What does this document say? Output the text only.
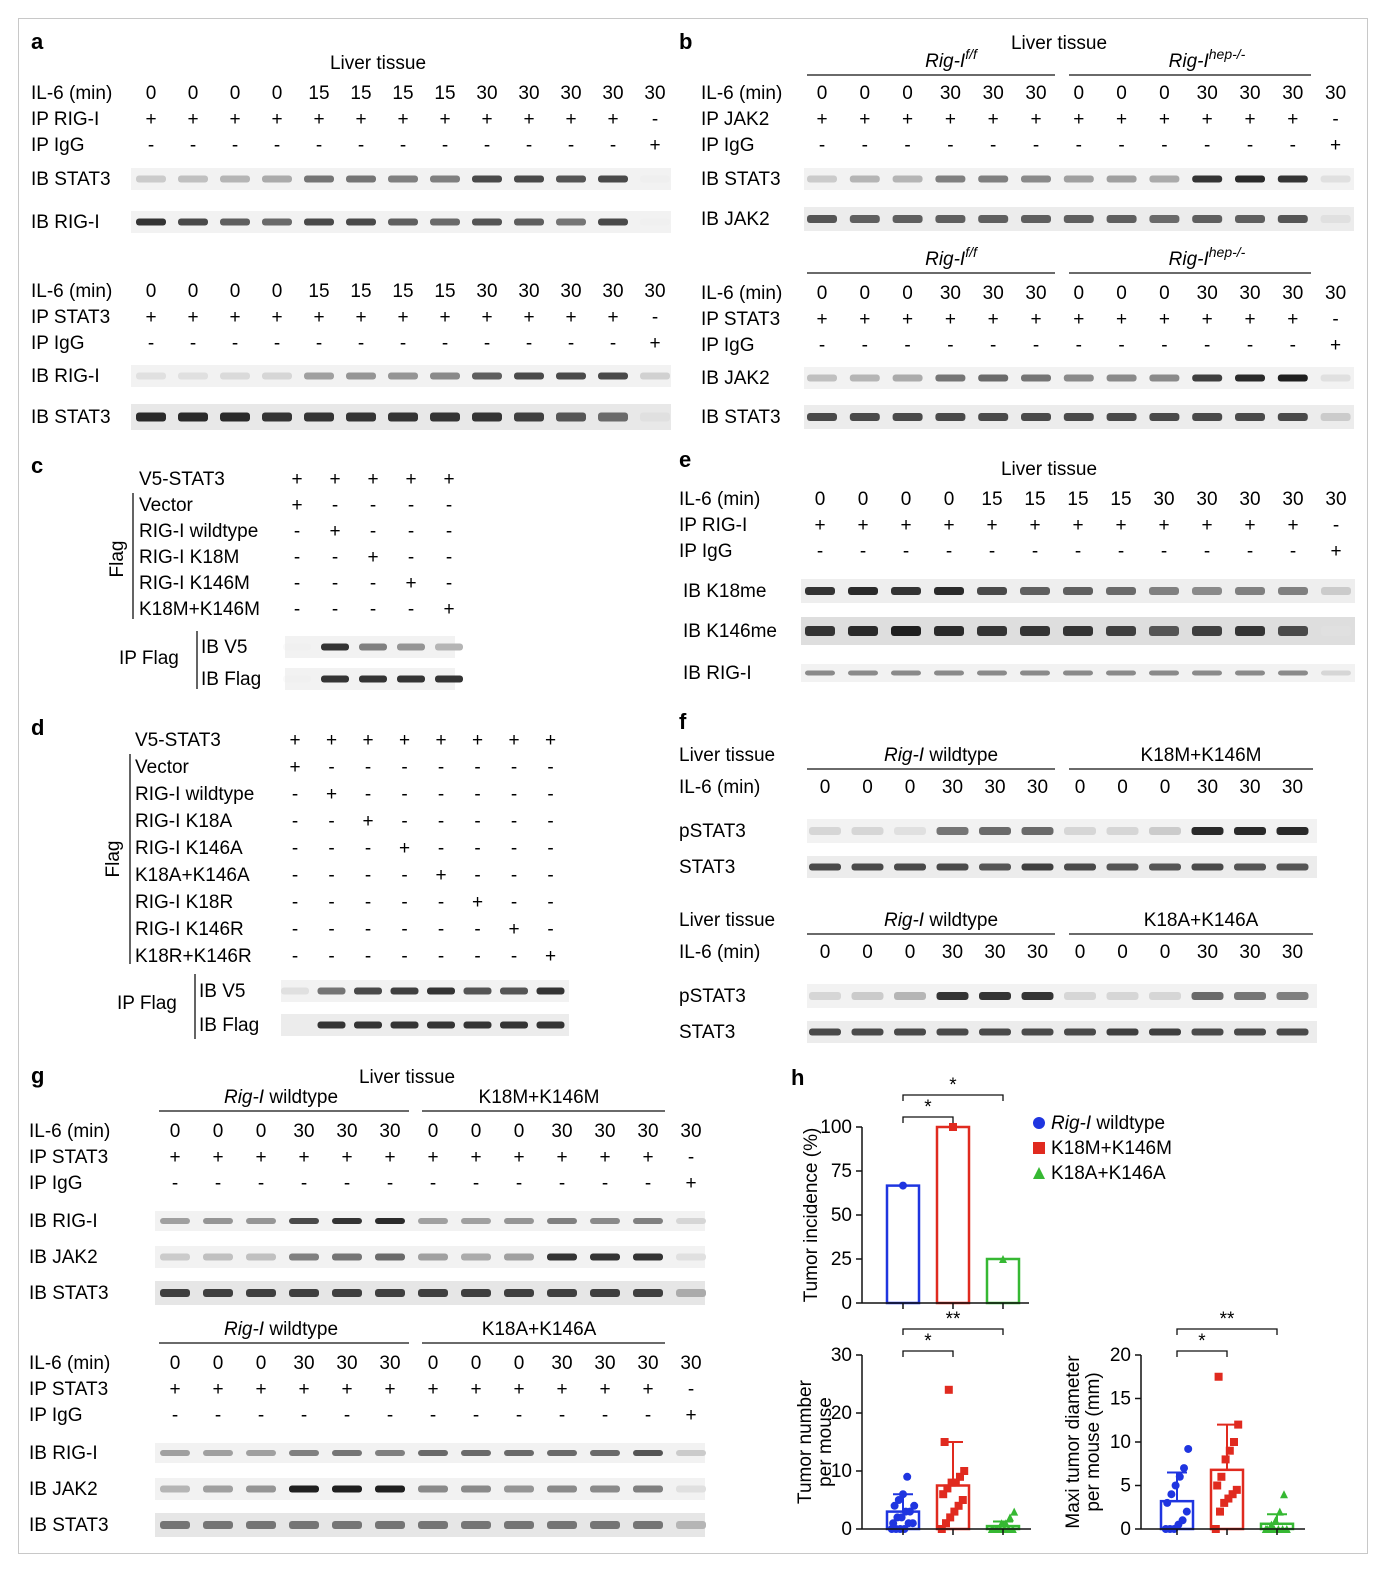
a
Liver tissue
IL-6 (min) 0 0 0 0 15 15 15 15 30 30 30 30 30
IP RIG-I + + + + + + + + + + + + -
IP IgG	- - - - - - - - - - - - +
IB STAT3
IB RIG-I
IL-6 (min) 0 0 0 0 15 15 15 15 30 30 30 30 30
IP STAT3 + + + + + + + + + + + + -
IP IgG	- - - - - - - - - - - - +
IB RIG-I
IB STAT3
b	Liver tissue
Rig-$I^{f/f}$	Rig-$I^{hep-/-}$
IL-6 (min) 0 0 0 30 30 30 0 0 0 30 30 30 30
IP JAK2 + + + + + + + + + + + + -
IP IgG	- - - - - - - - - - - - +
IB STAT3
IB JAK2
Rig-$I^{f/f}$	Rig-$I^{hep-/-}$
IL-6 (min) 0 0 0 30 30 30 0 0 0 30 30 30 30
IP STAT3 + + + + + + + + + + + + -
IP IgG	- - - - - - - - - - - - +
IB JAK2
IB STAT3
c
V5-STAT3	+ + + + +
Vector	+ - - - -
RIG-I wildtype - + - - -
RIG-I K18M	- - + - -
RIG-I K146M - - - + -
K18M+K146M - - - - +
Flag
IP Flag
IB V5
IB Flag
d
V5-STAT3	+ + + + + + + +
Vector	+ - - - - - - -
RIG-I wildtype - + - - - - - -
RIG-I K18A	- - + - - - - -
RIG-I K146A	- - - + - - - -
K18A+K146A - - - - + - - -
RIG-I K18R	- - - - - + - -
RIG-I K146R	- - - - - - + -
K18R+K146R - - - - - - - +
Flag
IP Flag
IB V5
IB Flag
e	Liver tissue
IL-6 (min)	0 0 0 0 15 15 15 15 30 30 30 30 30
IP RIG-I	+ + + + + + + + + + + + -
IP IgG	- - - - - - - - - - - - +
IB K18me
IB K146me
IB RIG-I
f
Liver tissue	Rig-I wildtype	K18M+K146M
IL-6 (min)	0 0 0 30 30 30 0 0 0 30 30 30
pSTAT3
STAT3
Liver tissue	Rig-I wildtype	K18A+K146A
IL-6 (min)	0 0 0 30 30 30 0 0 0 30 30 30
pSTAT3
STAT3
g	Liver tissue
Rig-I wildtype	K18M+K146M
IL-6 (min)	0 0 0 30 30 30 0 0 0 30 30 30 30
IP STAT3	+ + + + + + + + + + + + -
IP IgG	- - - - - - - - - - - - +
IB RIG-I
IB JAK2
IB STAT3
Rig-I wildtype	K18A+K146A
IL-6 (min)	0 0 0 30 30 30 0 0 0 30 30 30 30
IP STAT3	+ + + + + + + + + + + + -
IP IgG	- - - - - - - - - - - - +
IB RIG-I
IB JAK2
IB STAT3
h
0
25
50
75
100
Tumor incidence (%)
*
*
Rig-I wildtype
K18M+K146M
K18A+K146A
0
10
20
30
Tumor number per mouse
*
**
0
5
10
15
20
Maxi tumor diameter per mouse (mm)
*
**
